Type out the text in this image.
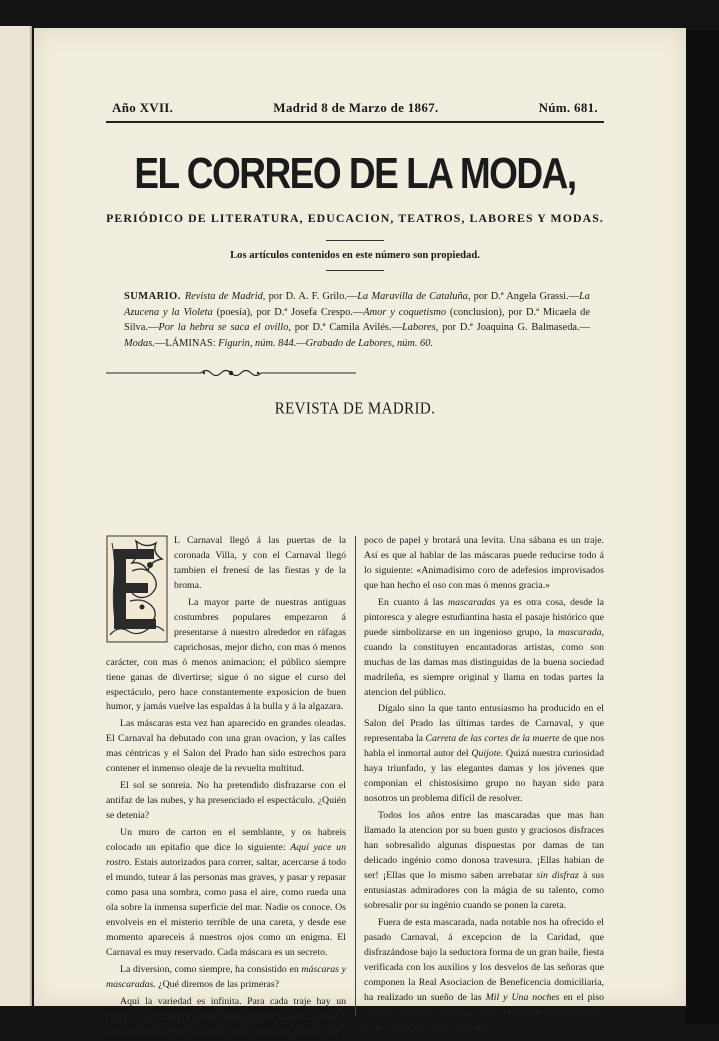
Año XVII.	Madrid 8 de Marzo de 1867.	Núm. 681.
EL CORREO DE LA MODA,
PERIÓDICO DE LITERATURA, EDUCACION, TEATROS, LABORES Y MODAS.
Los artículos contenidos en este número son propiedad.
SUMARIO. Revista de Madrid, por D. A. F. Grilo.—La Maravilla de Cataluña, por D.ª Angela Grassi.—La Azucena y la Violeta (poesía), por D.ª Josefa Crespo.—Amor y coquetismo (conclusion), por D.ª Micaela de Silva.—Por la hebra se saca el ovillo, por D.ª Camila Avilés.—Labores, por D.ª Joaquina G. Balmaseda.—Modas.—LÁMINAS: Figurin, núm. 844.—Grabado de Labores, núm. 60.
REVISTA DE MADRID.

L Carnaval llegó á las puertas de la coronada Villa, y con el Carnaval llegó tambien el frenesí de las fiestas y de la broma.

La mayor parte de nuestras antiguas costumbres populares empezaron á presentarse á nuestro alrededor en ráfagas caprichosas, mejor dicho, con mas ó menos carácter, con mas ó menos animacion; el público siempre tiene ganas de divertirse; sigue ó no sigue el curso del espectáculo, pero hace constantemente exposicion de buen humor, y jamás vuelve las espaldas á la bulla y á la algazara.

Las máscaras esta vez han aparecido en grandes oleadas. El Carnaval ha debutado con una gran ovacion, y las calles mas céntricas y el Salon del Prado han sido estrechos para contener el inmenso oleaje de la revuelta multitud.

El sol se sonreia. No ha pretendido disfrazarse con el antifaz de las nubes, y ha presenciado el espectáculo. ¿Quién se detenia?

Un muro de carton en el semblante, y os habreis colocado un epitafio que dice lo siguiente: Aquí yace un rostro. Estais autorizados para correr, saltar, acercarse á todo el mundo, tutear á las personas mas graves, y pasar y repasar como pasa una sombra, como pasa el aire, como rueda una ola sobre la inmensa superficie del mar. Nadie os conoce. Os envolveis en el misterio terrible de una careta, y desde ese momento apareceis á nuestros ojos como un enigma. El Carnaval es muy reservado. Cada máscara es un secreto.

La diversion, como siempre, ha consistido en máscaras y mascaradas. ¿Qué diremos de las primeras?

Aquí la variedad es infinita. Para cada traje hay un capricho, de cualquier cosa puede hacerse un sombrero. En estos vestidos todos los sastres son á propósito. Recojed un

poco de papel y brotará una levita. Una sábana es un traje. Así es que al hablar de las máscaras puede reducirse todo á lo siguiente: «Animadísimo coro de adefesios improvisados que han hecho el oso con mas ó menos gracia.»

En cuanto á las mascaradas ya es otra cosa, desde la pintoresca y alegre estudiantina hasta el pasaje histórico que puede simbolizarse en un ingenioso grupo, la mascarada, cuando la constituyen encantadoras artistas, como son muchas de las damas mas distinguidas de la buena sociedad madrileña, es siempre original y llama en todas partes la atencion del público.

Dígalo sino la que tanto entusiasmo ha producido en el Salon del Prado las últimas tardes de Carnaval, y que representaba la Carreta de las cortes de la muerte de que nos habla el inmortal autor del Quijote. Quizá nuestra curiosidad haya triunfado, y las elegantes damas y los jóvenes que componian el chistosísimo grupo no hayan sido para nosotros un problema difícil de resolver.

Todos los años entre las mascaradas que mas han llamado la atencion por su buen gusto y graciosos disfraces han sobresalido algunas dispuestas por damas de tan delicado ingénio como donosa travesura. ¡Ellas habian de ser! ¡Ellas que lo mismo saben arrebatar sin disfraz á sus entusiastas admiradores con la mágia de su talento, como sobresalir por su ingénio cuando se ponen la careta.

Fuera de esta mascarada, nada notable nos ha ofrecido el pasado Carnaval, á excepcion de la Caridad, que disfrazándose bajo la seductora forma de un gran baile, fiesta verificada con los auxilios y los desvelos de las señoras que componen la Real Asociacion de Beneficencia domiciliaria, ha realizado un sueño de las Mil y Una noches en el piso bajo del magnífico edificio que el Duque de Granada posée en la Cuesta de Santo Domingo.
